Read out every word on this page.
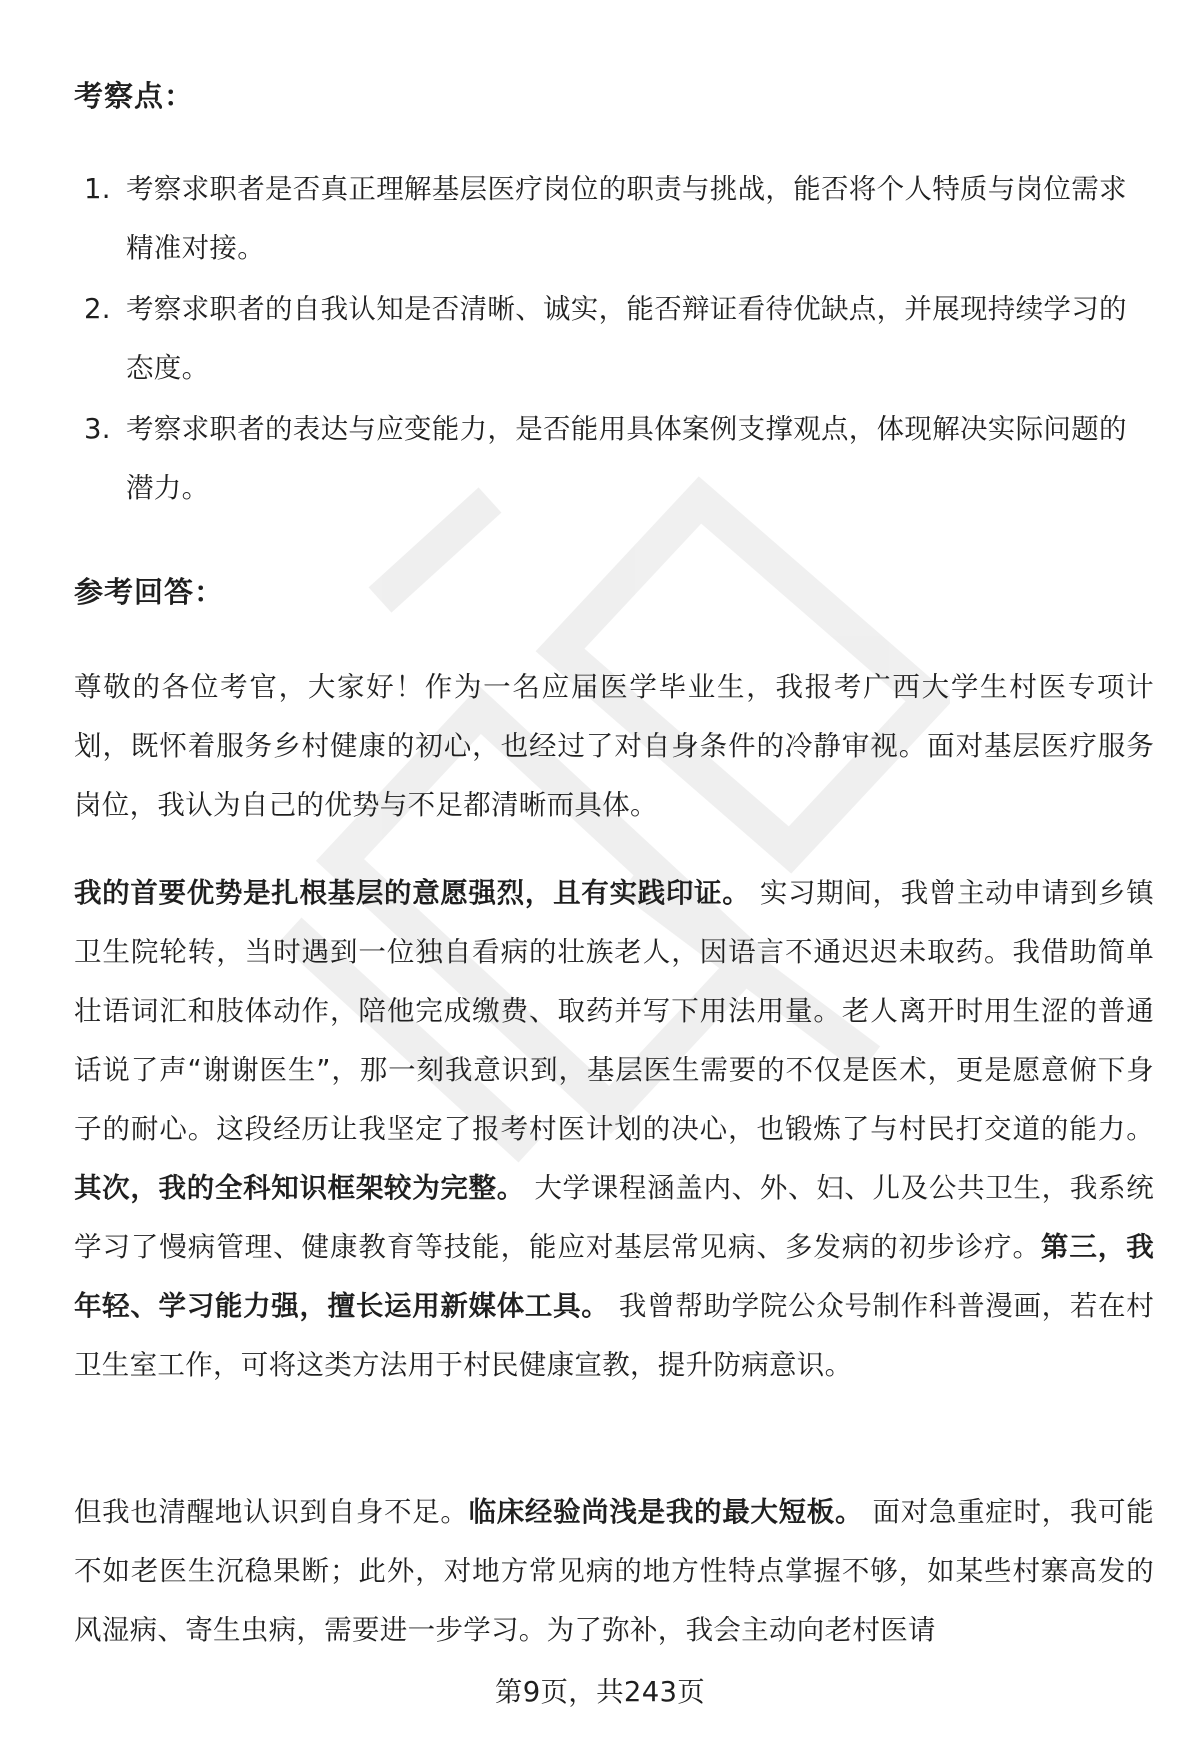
考察点：
1. 考察求职者是否真正理解基层医疗岗位的职责与挑战，能否将个人特质与岗位需求精准对接。
2. 考察求职者的自我认知是否清晰、诚实，能否辩证看待优缺点，并展现持续学习的态度。
3. 考察求职者的表达与应变能力，是否能用具体案例支撑观点，体现解决实际问题的潜力。
参考回答：

尊敬的各位考官，大家好！作为一名应届医学毕业生，我报考广西大学生村医专项计划，既怀着服务乡村健康的初心，也经过了对自身条件的冷静审视。面对基层医疗服务岗位，我认为自己的优势与不足都清晰而具体。

我的首要优势是扎根基层的意愿强烈，且有实践印证。 实习期间，我曾主动申请到乡镇卫生院轮转，当时遇到一位独自看病的壮族老人，因语言不通迟迟未取药。我借助简单壮语词汇和肢体动作，陪他完成缴费、取药并写下用法用量。老人离开时用生涩的普通话说了声“谢谢医生”，那一刻我意识到，基层医生需要的不仅是医术，更是愿意俯下身子的耐心。这段经历让我坚定了报考村医计划的决心，也锻炼了与村民打交道的能力。其次，我的全科知识框架较为完整。 大学课程涵盖内、外、妇、儿及公共卫生，我系统学习了慢病管理、健康教育等技能，能应对基层常见病、多发病的初步诊疗。第三，我年轻、学习能力强，擅长运用新媒体工具。 我曾帮助学院公众号制作科普漫画，若在村卫生室工作，可将这类方法用于村民健康宣教，提升防病意识。

但我也清醒地认识到自身不足。临床经验尚浅是我的最大短板。 面对急重症时，我可能不如老医生沉稳果断；此外，对地方常见病的地方性特点掌握不够，如某些村寨高发的风湿病、寄生虫病，需要进一步学习。为了弥补，我会主动向老村医请

第9页，共243页
